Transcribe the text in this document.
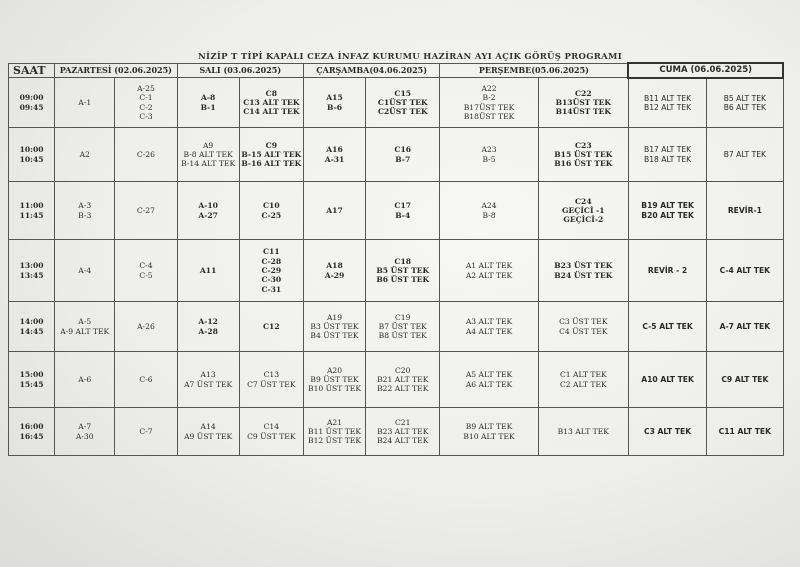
NİZİP T TİPİ KAPALI CEZA İNFAZ KURUMU HAZİRAN AYI AÇIK GÖRÜŞ PROGRAMI
SAAT	PAZARTESİ (02.06.2025)		SALI (03.06.2025)		ÇARŞAMBA(04.06.2025)		PERŞEMBE(05.06.2025)		CUMA (06.06.2025)	

09:00
09:45	A-1	A-25
C-1
C-2
C-3	A-8
B-1	C8
C13 ALT TEK
C14 ALT TEK	A15
B-6	C15
C1ÜST TEK
C2ÜST TEK	A22
B-2
B17ÜST TEK
B18ÜST TEK	C22
B13ÜST TEK
B14ÜST TEK	B11 ALT TEK
B12 ALT TEK	B5 ALT TEK
B6 ALT TEK

10:00
10:45	A2	C-26	A9
B-8 ALT TEK
B-14 ALT TEK	C9
B-15 ALT TEK
B-16 ALT TEK	A16
A-31	C16
B-7	A23
B-5	C23
B15 ÜST TEK
B16 ÜST TEK	B17 ALT TEK
B18 ALT TEK	B7 ALT TEK

11:00
11:45	A-3
B-3	C-27	A-10
A-27	C10
C-25	A17	C17
B-4	A24
B-8	C24
GEÇİCİ -1
GEÇİCİ-2	B19 ALT TEK
B20 ALT TEK	REVİR-1

13:00
13:45	A-4	C-4
C-5	A11	C11
C-28
C-29
C-30
C-31	A18
A-29	C18
B5 ÜST TEK
B6 ÜST TEK	A1 ALT TEK
A2 ALT TEK	B23 ÜST TEK
B24 ÜST TEK	REVİR - 2	C-4 ALT TEK

14:00
14:45	A-5
A-9 ALT TEK	A-26	A-12
A-28	C12	A19
B3 ÜST TEK
B4 ÜST TEK	C19
B7 ÜST TEK
B8 ÜST TEK	A3 ALT TEK
A4 ALT TEK	C3 ÜST TEK
C4 ÜST TEK	C-5 ALT TEK	A-7 ALT TEK

15:00
15:45	A-6	C-6	A13
A7 ÜST TEK	C13
C7 ÜST TEK	A20
B9 ÜST TEK
B10 ÜST TEK	C20
B21 ALT TEK
B22 ALT TEK	A5 ALT TEK
A6 ALT TEK	C1 ALT TEK
C2 ALT TEK	A10 ALT TEK	C9 ALT TEK

16:00
16:45	A-7
A-30	C-7	A14
A9 ÜST TEK	C14
C9 ÜST TEK	A21
B11 ÜST TEK
B12 ÜST TEK	C21
B23 ALT TEK
B24 ALT TEK	B9 ALT TEK
B10 ALT TEK	B13 ALT TEK	C3 ALT TEK	C11 ALT TEK
